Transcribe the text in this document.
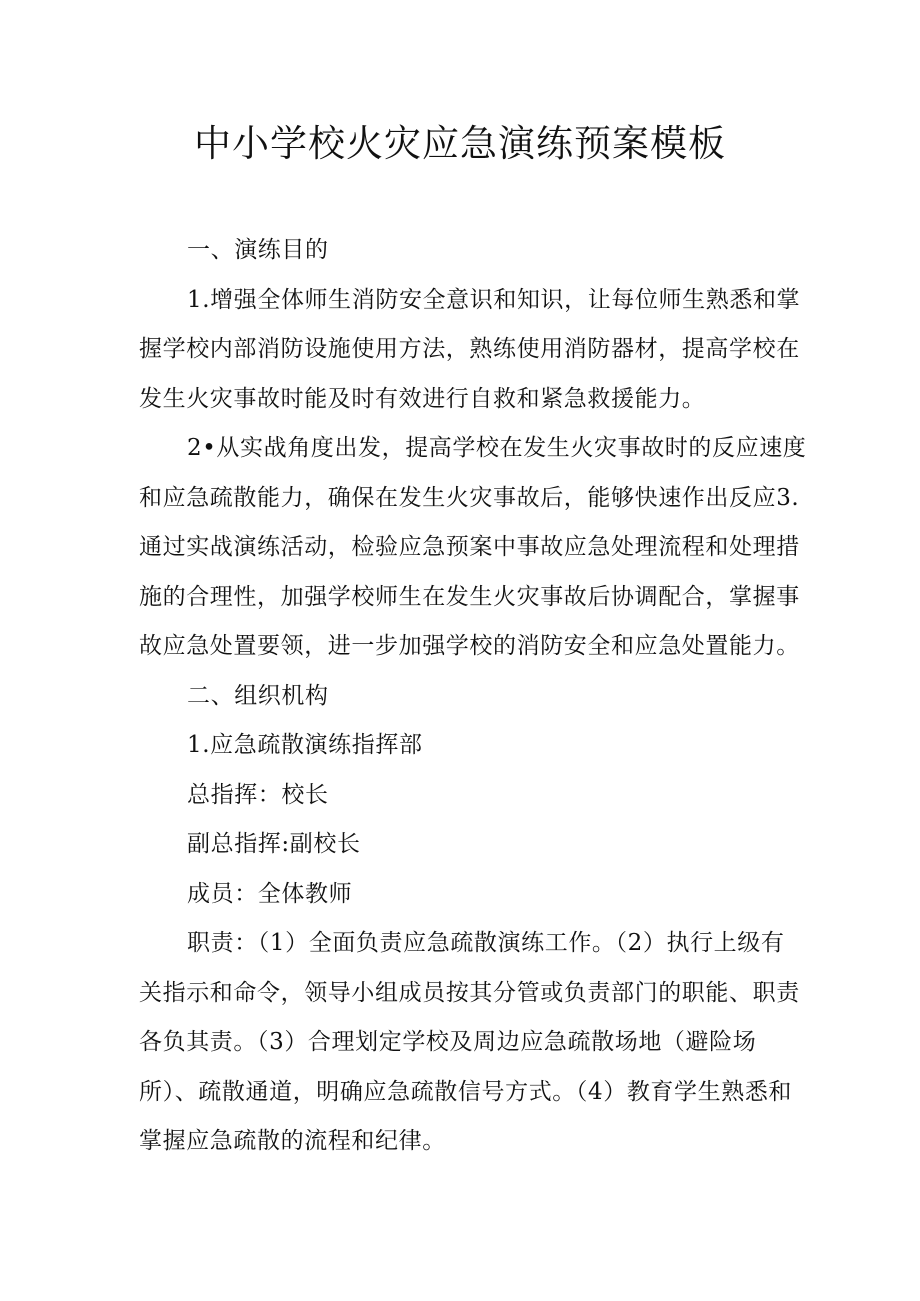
中小学校火灾应急演练预案模板
一、演练目的
1.增强全体师生消防安全意识和知识，让每位师生熟悉和掌
握学校内部消防设施使用方法，熟练使用消防器材，提高学校在
发生火灾事故时能及时有效进行自救和紧急救援能力。
2•从实战角度出发，提高学校在发生火灾事故时的反应速度
和应急疏散能力，确保在发生火灾事故后，能够快速作出反应3.
通过实战演练活动，检验应急预案中事故应急处理流程和处理措
施的合理性，加强学校师生在发生火灾事故后协调配合，掌握事
故应急处置要领，进一步加强学校的消防安全和应急处置能力。
二、组织机构
1.应急疏散演练指挥部
总指挥：校长
副总指挥:副校长
成员：全体教师
职责：（1）全面负责应急疏散演练工作。（2）执行上级有
关指示和命令，领导小组成员按其分管或负责部门的职能、职责
各负其责。（3）合理划定学校及周边应急疏散场地（避险场
所）、疏散通道，明确应急疏散信号方式。（4）教育学生熟悉和
掌握应急疏散的流程和纪律。
